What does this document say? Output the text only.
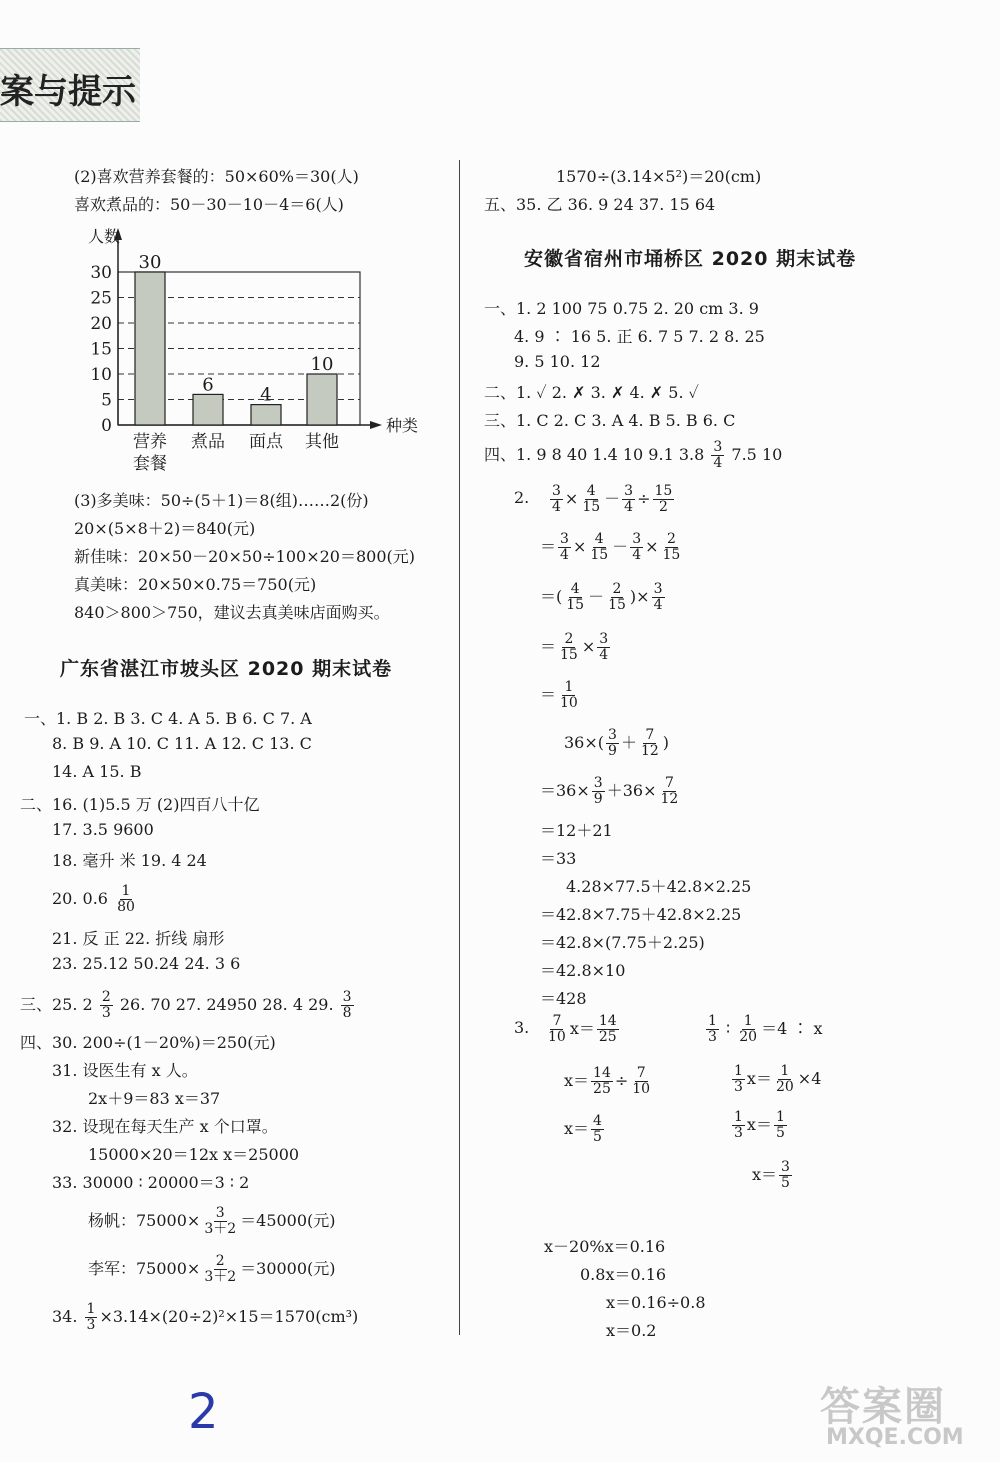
案与提示
(2)喜欢营养套餐的：50×60%＝30(人)
喜欢煮品的：50－30－10－4＝6(人)
0
5
10
15
20
25
30
人数
种类
30
营养
套餐
6
煮品
4
面点
10
其他
(3)多美味：50÷(5＋1)＝8(组)……2(份)
20×(5×8＋2)＝840(元)
新佳味：20×50－20×50÷100×20＝800(元)
真美味：20×50×0.75＝750(元)
840＞800＞750，建议去真美味店面购买。
广东省湛江市坡头区 2020 期末试卷
一、1. B 2. B 3. C 4. A 5. B 6. C 7. A
8. B 9. A 10. C 11. A 12. C 13. C
14. A 15. B
二、16. (1)5.5 万 (2)四百八十亿
17. 3.5 9600
18. 毫升 米 19. 4 24
20. $0.6 \frac{1}{80}$
21. 反 正 22. 折线 扇形
23. 25.12 50.24 24. 3 6
三、25. $2 \frac{2}{3} 26$. 70 27. 24950 28. 4 29. $\frac{3}{8}$
四、30. 200÷(1－20%)＝250(元)
31. 设医生有 x 人。
2x＋9＝83 x＝37
32. 设现在每天生产 x 个口罩。
15000×20＝12x x＝25000
33. 30000 ∶ 20000＝3 ∶ 2
杨帆：$75000\times \frac{3}{3+2} =45000$(元)
李军：$75000\times \frac{2}{3+2} =30000$(元)
34. $\frac{1}{3} \times 3.14\times(20\div 2)^2\times 15=1570(cm^3)$
1570÷(3.14×5²)＝20(cm)
五、35. 乙 36. 9 24 37. 15 64
安徽省宿州市埇桥区 2020 期末试卷
一、1. 2 100 75 0.75 2. 20 cm 3. 9
4. 9 ∶ 16 5. 正 6. 7 5 7. 2 8. 25
9. 5 10. 12
二、1. ✓ 2. ✗ 3. ✗ 4. ✗ 5. ✓
三、1. C 2. C 3. A 4. B 5. B 6. C
四、1. 9 8 40 1.4 10 9.1 $3.8 \frac{3}{4} 7.5$ 10
2. $\frac{3}{4} \times \frac{4}{15} - \frac{3}{4} \div \frac{15}{2}$
＝ $\frac{3}{4} \times \frac{4}{15} - \frac{3}{4} \times \frac{2}{15}$
＝( $\frac{4}{15} - \frac{2}{15}$ )× $\frac{3}{4}$
＝ $\frac{2}{15} \times \frac{3}{4}$
＝ $\frac{1}{10}$
$36\times( \frac{3}{9} + \frac{7}{12}$ )
$=36\times \frac{3}{9} +36\times \frac{7}{12}$
＝12＋21
＝33
4.28×77.5＋42.8×2.25
＝42.8×7.75＋42.8×2.25
＝42.8×(7.75＋2.25)
＝42.8×10
＝428
3. $\frac{7}{10} x= \frac{14}{25}$
$x= \frac{14}{25} \div \frac{7}{10}$
$x= \frac{4}{5}$
$\frac{1}{3}$ ∶ $\frac{1}{20} =4$ ∶ x
$\frac{1}{3} x= \frac{1}{20} \times 4$
$\frac{1}{3} x= \frac{1}{5}$
$x= \frac{3}{5}$
x－20%x＝0.16
0.8x＝0.16
x＝0.16÷0.8
x＝0.2
2	答案圈
MXQE.COM
